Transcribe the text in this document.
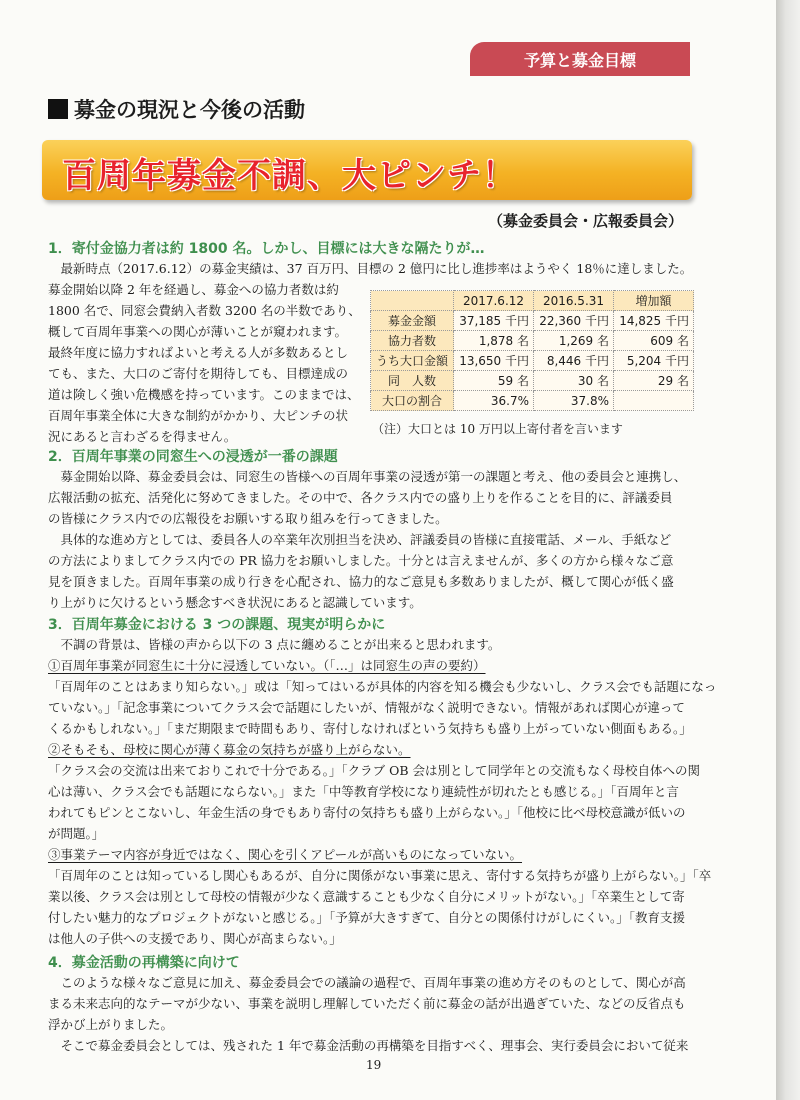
予算と募金目標
募金の現況と今後の活動
百周年募金不調、大ピンチ！
（募金委員会・広報委員会）
1．寄付金協力者は約 1800 名。しかし、目標には大きな隔たりが…
　最新時点（2017.6.12）の募金実績は、37 百万円、目標の 2 億円に比し進捗率はようやく 18％に達しました。
募金開始以降 2 年を経過し、募金への協力者数は約
1800 名で、同窓会費納入者数 3200 名の半数であり、
概して百周年事業への関心が薄いことが窺われます。
最終年度に協力すればよいと考える人が多数あるとし
ても、また、大口のご寄付を期待しても、目標達成の
道は険しく強い危機感を持っています。このままでは、
百周年事業全体に大きな制約がかかり、大ピンチの状
況にあると言わざるを得ません。
	2017.6.12	2016.5.31	増加額
募金金額	37,185 千円	22,360 千円	14,825 千円
協力者数	1,878 名	1,269 名	609 名
うち大口金額	13,650 千円	8,446 千円	5,204 千円
同　人数	59 名	30 名	29 名
大口の割合	36.7%	37.8%	
（注）大口とは 10 万円以上寄付者を言います
2．百周年事業の同窓生への浸透が一番の課題
　募金開始以降、募金委員会は、同窓生の皆様への百周年事業の浸透が第一の課題と考え、他の委員会と連携し、
広報活動の拡充、活発化に努めてきました。その中で、各クラス内での盛り上りを作ることを目的に、評議委員
の皆様にクラス内での広報役をお願いする取り組みを行ってきました。
　具体的な進め方としては、委員各人の卒業年次別担当を決め、評議委員の皆様に直接電話、メール、手紙など
の方法によりましてクラス内での PR 協力をお願いしました。十分とは言えませんが、多くの方から様々なご意
見を頂きました。百周年事業の成り行きを心配され、協力的なご意見も多数ありましたが、概して関心が低く盛
り上がりに欠けるという懸念すべき状況にあると認識しています。
3．百周年募金における 3 つの課題、現実が明らかに
　不調の背景は、皆様の声から以下の 3 点に纏めることが出来ると思われます。
①百周年事業が同窓生に十分に浸透していない。（「…」は同窓生の声の要約）
「百周年のことはあまり知らない。」或は「知ってはいるが具体的内容を知る機会も少ないし、クラス会でも話題になっ
ていない。」「記念事業についてクラス会で話題にしたいが、情報がなく説明できない。情報があれば関心が違って
くるかもしれない。」「まだ期限まで時間もあり、寄付しなければという気持ちも盛り上がっていない側面もある。」
②そもそも、母校に関心が薄く募金の気持ちが盛り上がらない。
「クラス会の交流は出来ておりこれで十分である。」「クラブ OB 会は別として同学年との交流もなく母校自体への関
心は薄い、クラス会でも話題にならない。」また「中等教育学校になり連続性が切れたとも感じる。」「百周年と言
われてもピンとこないし、年金生活の身でもあり寄付の気持ちも盛り上がらない。」「他校に比べ母校意識が低いの
が問題。」
③事業テーマ内容が身近ではなく、関心を引くアピールが高いものになっていない。
「百周年のことは知っているし関心もあるが、自分に関係がない事業に思え、寄付する気持ちが盛り上がらない。」「卒
業以後、クラス会は別として母校の情報が少なく意識することも少なく自分にメリットがない。」「卒業生として寄
付したい魅力的なプロジェクトがないと感じる。」「予算が大きすぎて、自分との関係付けがしにくい。」「教育支援
は他人の子供への支援であり、関心が高まらない。」
4．募金活動の再構築に向けて
　このような様々なご意見に加え、募金委員会での議論の過程で、百周年事業の進め方そのものとして、関心が高
まる未来志向的なテーマが少ない、事業を説明し理解していただく前に募金の話が出過ぎていた、などの反省点も
浮かび上がりました。
　そこで募金委員会としては、残された 1 年で募金活動の再構築を目指すべく、理事会、実行委員会において従来
19
